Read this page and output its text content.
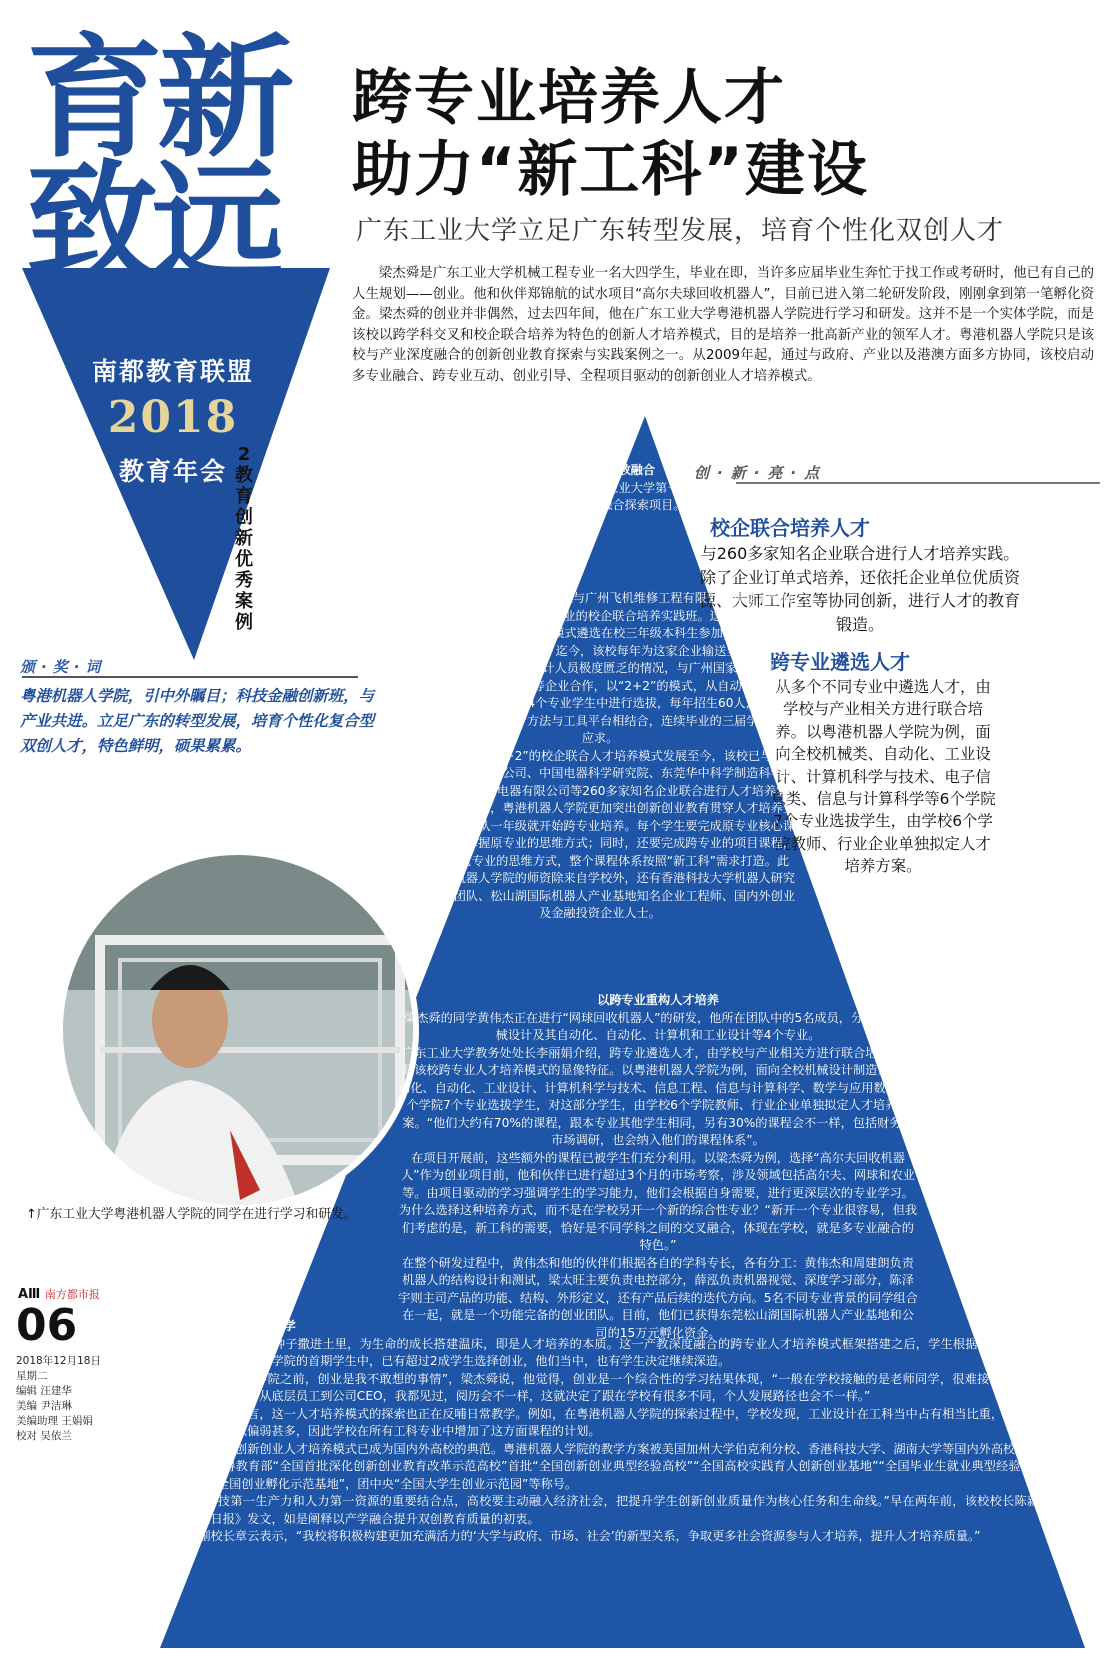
育新
致远
南都教育联盟
2018
教育年会
2
教
育
创
新
优
秀
案
例
跨专业培养人才
助力“新工科”建设
广东工业大学立足广东转型发展，培育个性化双创人才

梁杰舜是广东工业大学机械工程专业一名大四学生，毕业在即，当许多应届毕业生奔忙于找工作或考研时，他已有自己的人生规划——创业。他和伙伴郑锦航的试水项目“高尔夫球回收机器人”，目前已进入第二轮研发阶段，刚刚拿到第一笔孵化资金。梁杰舜的创业并非偶然，过去四年间，他在广东工业大学粤港机器人学院进行学习和研发。这并不是一个实体学院，而是该校以跨学科交叉和校企联合培养为特色的创新人才培养模式，目的是培养一批高新产业的领军人才。粤港机器人学院只是该校与产业深度融合的创新创业教育探索与实践案例之一。从2009年起，通过与政府、产业以及港澳方面多方协同，该校启动多专业融合、跨专业互动、创业引导、全程项目驱动的创新创业人才培养模式。

颁·奖·词

粤港机器人学院，引中外瞩目；科技金融创新班，与产业共进。立足广东的转型发展，培育个性化复合型双创人才，特色鲜明，硕果累累。

创·新·亮·点
校企联合培养人才

与260多家知名企业联合进行人才培养实践。除了企业订单式培养，还依托企业单位优质资源、大师工作室等协同创新，进行人才的教育锻造。

跨专业遴选人才

从多个不同专业中遴选人才，由学校与产业相关方进行联合培养。以粤港机器人学院为例，面向全校机械类、自动化、工业设计、计算机科学与技术、电子信息类、信息与计算科学等6个学院7个专业选拔学生，由学校6个学院教师、行业企业单独拟定人才培养方案。

以校企合作深入产教融合

粤港机器人学院并非广东工业大学第一个跨专业互动的产学深度融合探索项目。

早在2009年，广东工业大学就与广州飞机维修工程有限公司开设了跨机械、材料、自动化、计算机专业的校企联合培养实践班。这一实践班以双向选择为原则，以“3+1”的模式遴选在校三年级本科生参加，合作企业亦参与到整个培养方案当中。迄今，该校每年为这家企业输送至少30人。2013年，针对IC芯片设计人员极度匮乏的情况，与广州国家IC基地、Synopsys、Cadence等企业合作，以“2+2”的模式，从自动化、微电子、计算机和信息工程4个专业学生中进行选拔，每年招生60人，强调与国际最先进的芯片设计方法与工具平台相结合，连续毕业的三届学生供不应求。

跨专业“3+1”与“2+2”的校企联合人才培养模式发展至今，该校已与广州飞机维修工程有限公司、中国电器科学研究院、东莞华中科学制造科学研究院、广东美的电器有限公司等260多家知名企业联合进行人才培养实践。在此基础上，粤港机器人学院更加突出创新创业教育贯穿人才培养全过程的理念，从一年级就开始跨专业培养。每个学生要完成原专业核心课程的学习，掌握原专业的思维方式；同时，还要完成跨专业的项目课程，了解到其它专业的思维方式，整个课程体系按照“新工科”需求打造。此外，粤港机器人学院的师资除来自学校外，还有香港科技大学机器人研究所李泽湘团队、松山湖国际机器人产业基地知名企业工程师、国内外创业及金融投资企业人士。

以跨专业重构人才培养

梁杰舜的同学黄伟杰正在进行“网球回收机器人”的研发，他所在团队中的5名成员，分别来自机械设计及其自动化、自动化、计算机和工业设计等4个专业。

广东工业大学教务处处长李丽娟介绍，跨专业遴选人才，由学校与产业相关方进行联合培养，这是该校跨专业人才培养模式的显像特征。以粤港机器人学院为例，面向全校机械设计制造及其自动化、自动化、工业设计、计算机科学与技术、信息工程、信息与计算科学、数学与应用数学等6个学院7个专业选拔学生，对这部分学生，由学校6个学院教师、行业企业单独拟定人才培养方案。“他们大约有70%的课程，跟本专业其他学生相同，另有30%的课程会不一样，包括财务、市场调研，也会纳入他们的课程体系”。

在项目开展前，这些额外的课程已被学生们充分利用。以梁杰舜为例，选择“高尔夫回收机器人”作为创业项目前，他和伙伴已进行超过3个月的市场考察，涉及领域包括高尔夫、网球和农业等。由项目驱动的学习强调学生的学习能力，他们会根据自身需要，进行更深层次的专业学习。

为什么选择这种培养方式，而不是在学校另开一个新的综合性专业？“新开一个专业很容易，但我们考虑的是，新工科的需要，恰好是不同学科之间的交叉融合，体现在学校，就是多专业融合的特色。”

在整个研发过程中，黄伟杰和他的伙伴们根据各自的学科专长，各有分工：黄伟杰和周建朗负责机器人的结构设计和测试，梁太旺主要负责电控部分，薛泓负责机器视觉、深度学习部分，陈泽宇则主司产品的功能、结构、外形定义，还有产品后续的迭代方向。5名不同专业背景的同学组合在一起，就是一个功能完备的创业团队。目前，他们已获得东莞松山湖国际机器人产业基地和公司的15万元孵化资金。

以创新反哺日常化教学

把鱼放进水里，把种子撒进土里，为生命的成长搭建温床，即是人才培养的本质。这一产教深度融合的跨专业人才培养模式框架搭建之后，学生根据自身规划各取所需。在粤港机器人学院的首期学生中，已有超过2成学生选择创业，他们当中，也有学生决定继续深造。

“在进入机器人学院之前，创业是我不敢想的事情”，梁杰舜说，他觉得，创业是一个综合性的学习结果体现，“一般在学校接触的是老师同学，很难接触到社会上的人，但在这里，从底层员工到公司CEO，我都见过，阅历会不一样，这就决定了跟在学校有很多不同，个人发展路径也会不一样。”

对学校层面而言，这一人才培养模式的探索也正在反哺日常教学。例如，在粤港机器人学院的探索过程中，学校发现，工业设计在工科当中占有相当比重，但以往的教学中产品意识偏弱甚多，因此学校在所有工科专业中增加了这方面课程的计划。

如今，该校创新创业人才培养模式已成为国内外高校的典范。粤港机器人学院的教学方案被美国加州大学伯克利分校、香港科技大学、湖南大学等国内外高校所借鉴，他们还获得教育部“全国首批深化创新创业教育改革示范高校”首批“全国创新创业典型经验高校”“全国高校实践育人创新创业基地”“全国毕业生就业典型经验高校”，人社部“全国创业孵化示范基地”，团中央“全国大学生创业示范园”等称号。

“作为科技第一生产力和人力第一资源的重要结合点，高校要主动融入经济社会，把提升学生创新创业质量作为核心任务和生命线。”早在两年前，该校校长陈新曾在《光明日报》发文，如是阐释以产学融合提升双创教育质量的初衷。

该校副校长章云表示，“我校将积极构建更加充满活力的‘大学与政府、市场、社会’的新型关系，争取更多社会资源参与人才培养，提升人才培养质量。”

↑广东工业大学粤港机器人学院的同学在进行学习和研发。

AⅢ 南方都市报
06
2018年12月18日
星期二
编辑 汪建华
美编 尹洁琳
美编助理 王娟娟
校对 吴依兰
